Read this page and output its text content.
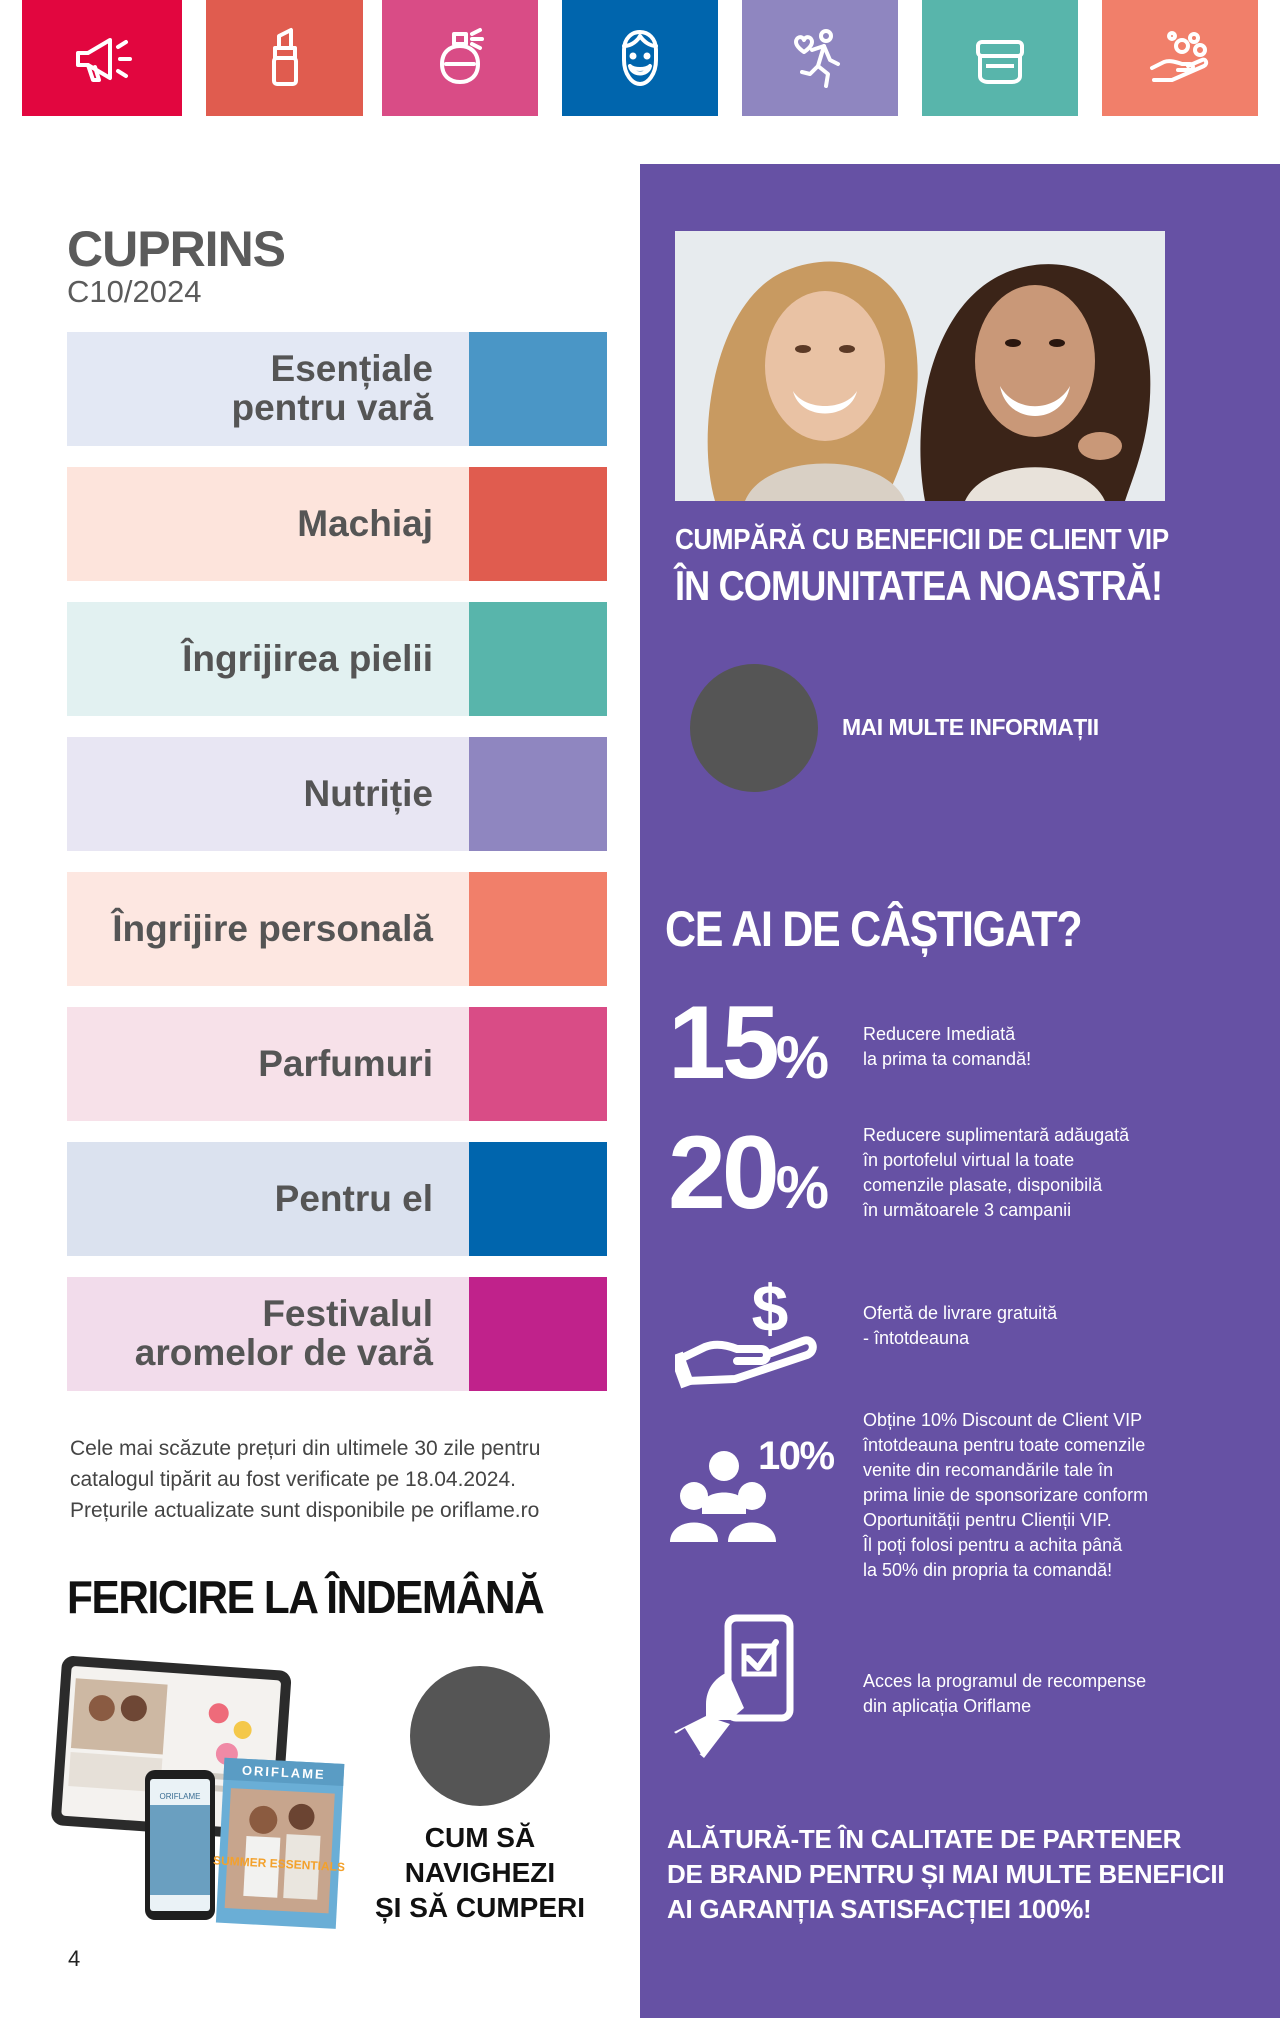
CUPRINS
C10/2024
Esențiale
pentru vară
Machiaj
Îngrijirea pielii
Nutriție
Îngrijire personală
Parfumuri
Pentru el
Festivalul
aromelor de vară
Cele mai scăzute prețuri din ultimele 30 zile pentru catalogul tipărit au fost verificate pe 18.04.2024. Prețurile actualizate sunt disponibile pe oriflame.ro
FERICIRE LA ÎNDEMÂNĂ
ORIFLAME
ORIFLAME
SUMMER ESSENTIALS
CUM SĂ
NAVIGHEZI
ȘI SĂ CUMPERI
4
CUMPĂRĂ CU BENEFICII DE CLIENT VIP
ÎN COMUNITATEA NOASTRĂ!
MAI MULTE INFORMAȚII
CE AI DE CÂȘTIGAT?
15% Reducere Imediată
la prima ta comandă!
20%
Reducere suplimentară adăugată
în portofelul virtual la toate
comenzile plasate, disponibilă
în următoarele 3 campanii
$	Ofertă de livrare gratuită
- întotdeauna
10%
Obține 10% Discount de Client VIP
întotdeauna pentru toate comenzile
venite din recomandările tale în
prima linie de sponsorizare conform
Oportunității pentru Clienții VIP.
Îl poți folosi pentru a achita până
la 50% din propria ta comandă!
Acces la programul de recompense
din aplicația Oriflame
ALĂTURĂ-TE ÎN CALITATE DE PARTENER
DE BRAND PENTRU ȘI MAI MULTE BENEFICII
AI GARANȚIA SATISFACȚIEI 100%!
